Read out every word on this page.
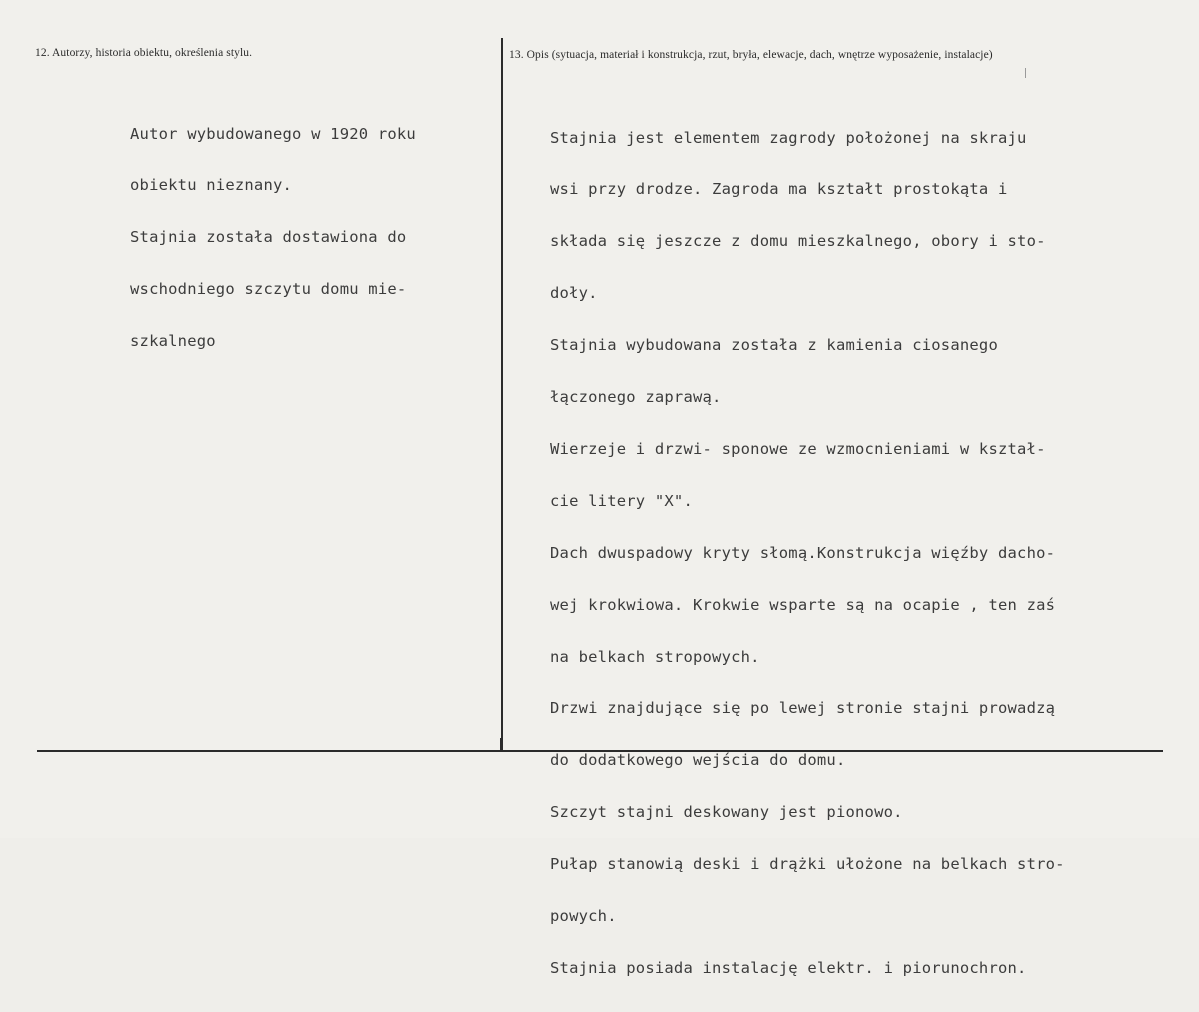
12. Autorzy, historia obiektu, określenia stylu.	13. Opis (sytuacja, materiał i konstrukcja, rzut, bryła, elewacje, dach, wnętrze wyposażenie, instalacje)

Autor wybudowanego w 1920 roku

obiektu nieznany.

Stajnia została dostawiona do

wschodniego szczytu domu mie-

szkalnego

Stajnia jest elementem zagrody położonej na skraju

wsi przy drodze. Zagroda ma kształt prostokąta i

składa się jeszcze z domu mieszkalnego, obory i sto-

doły.

Stajnia wybudowana została z kamienia ciosanego

łączonego zaprawą.

Wierzeje i drzwi- sponowe ze wzmocnieniami w kształ-

cie litery "X".

Dach dwuspadowy kryty słomą.Konstrukcja więźby dacho-

wej krokwiowa. Krokwie wsparte są na ocapie , ten zaś

na belkach stropowych.

Drzwi znajdujące się po lewej stronie stajni prowadzą

do dodatkowego wejścia do domu.

Szczyt stajni deskowany jest pionowo.

Pułap stanowią deski i drążki ułożone na belkach stro-

powych.

Stajnia posiada instalację elektr. i piorunochron.
